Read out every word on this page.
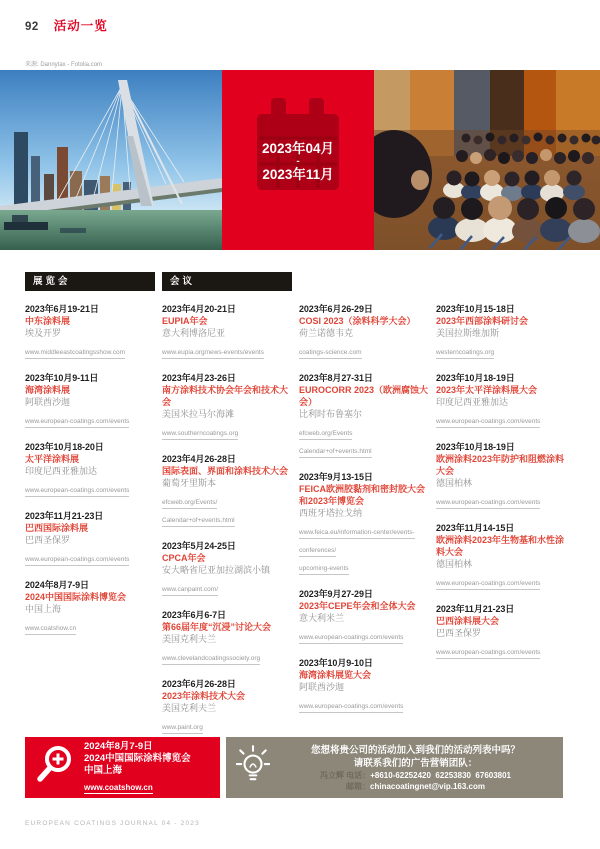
92 活动一览
来源: Dannytax - Fotolia.com
2023年04月
-
2023年11月
展览会
2023年6月19-21日
中东涂料展
埃及开罗
www.middleeastcoatingsshow.com
2023年10月9-11日
海湾涂料展
阿联酋沙迦
www.european-coatings.com/events
2023年10月18-20日
太平洋涂料展
印度尼西亚雅加达
www.european-coatings.com/events
2023年11月21-23日
巴西国际涂料展
巴西圣保罗
www.european-coatings.com/events
2024年8月7-9日
2024中国国际涂料博览会
中国上海
www.coatshow.cn
会议
2023年4月20-21日
EUPIA年会
意大利博洛尼亚
www.eupia.org/news-events/events
2023年4月23-26日
南方涂料技术协会年会和技术大会
美国米拉马尔海滩
www.southerncoatings.org
2023年4月26-28日
国际表面、界面和涂料技术大会
葡萄牙里斯本
efcweb.org/Events/
Calendar+of+events.html
2023年5月24-25日
CPCA年会
安大略省尼亚加拉湖滨小镇
www.canpaint.com/
2023年6月6-7日
第66届年度“沉浸”讨论大会
美国克利夫兰
www.clevelandcoatingssociety.org
2023年6月26-28日
2023年涂料技术大会
美国克利夫兰
www.paint.org
2023年6月26-29日
COSI 2023（涂料科学大会）
荷兰诺德韦克
coatings-science.com
2023年8月27-31日
EUROCORR 2023（欧洲腐蚀大会）
比利时布鲁塞尔
efcweb.org/Events
Calendar+of+events.html
2023年9月13-15日
FEICA欧洲胶黏剂和密封胶大会和2023年博览会
西班牙塔拉戈纳
www.feica.eu/information-center/events-
conferences/
upcoming-events
2023年9月27-29日
2023年CEPE年会和全体大会
意大利米兰
www.european-coatings.com/events
2023年10月9-10日
海湾涂料展览大会
阿联酋沙迦
www.european-coatings.com/events
2023年10月15-18日
2023年西部涂料研讨会
美国拉斯维加斯
westerncoatings.org
2023年10月18-19日
2023年太平洋涂料展大会
印度尼西亚雅加达
www.european-coatings.com/events
2023年10月18-19日
欧洲涂料2023年防护和阻燃涂料大会
德国柏林
www.european-coatings.com/events
2023年11月14-15日
欧洲涂料2023年生物基和水性涂料大会
德国柏林
www.european-coatings.com/events
2023年11月21-23日
巴西涂料展大会
巴西圣保罗
www.european-coatings.com/events
2024年8月7-9日
2024中国国际涂料博览会
中国上海
www.coatshow.cn
您想将贵公司的活动加入到我们的活动列表中吗？
请联系我们的广告营销团队：
冯立辉 电话：+8610-62252420  62253830  67603801
邮箱：chinacoatingnet@vip.163.com
EUROPEAN COATINGS JOURNAL 04 - 2023
